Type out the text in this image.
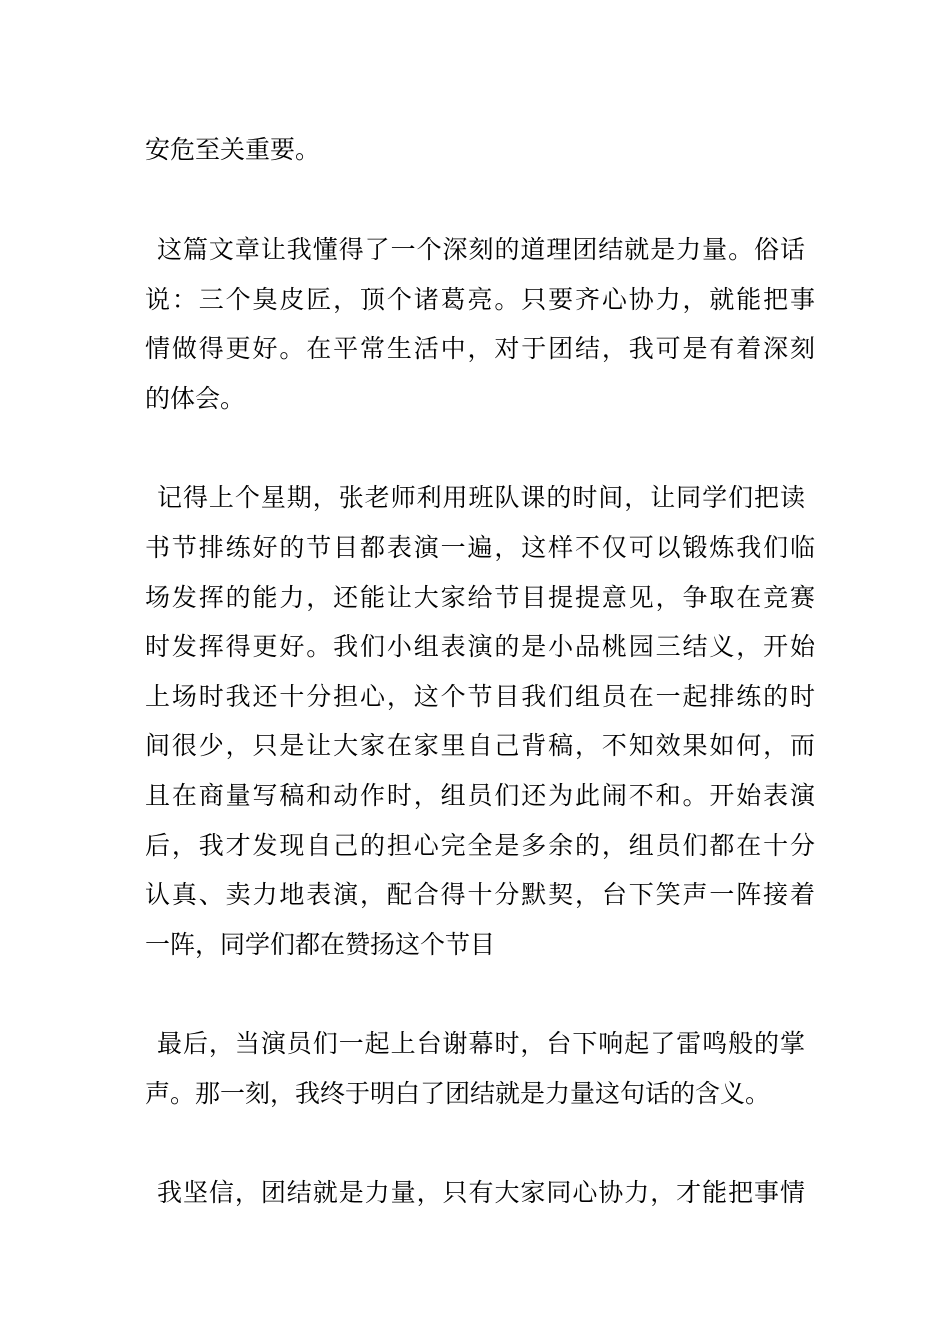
安危至关重要。
这篇文章让我懂得了一个深刻的道理团结就是力量。俗话
说：三个臭皮匠，顶个诸葛亮。只要齐心协力，就能把事
情做得更好。在平常生活中，对于团结，我可是有着深刻
的体会。
记得上个星期，张老师利用班队课的时间，让同学们把读
书节排练好的节目都表演一遍，这样不仅可以锻炼我们临
场发挥的能力，还能让大家给节目提提意见，争取在竞赛
时发挥得更好。我们小组表演的是小品桃园三结义，开始
上场时我还十分担心，这个节目我们组员在一起排练的时
间很少，只是让大家在家里自己背稿，不知效果如何，而
且在商量写稿和动作时，组员们还为此闹不和。开始表演
后，我才发现自己的担心完全是多余的，组员们都在十分
认真、卖力地表演，配合得十分默契，台下笑声一阵接着
一阵，同学们都在赞扬这个节目
最后，当演员们一起上台谢幕时，台下响起了雷鸣般的掌
声。那一刻，我终于明白了团结就是力量这句话的含义。
我坚信，团结就是力量，只有大家同心协力，才能把事情
